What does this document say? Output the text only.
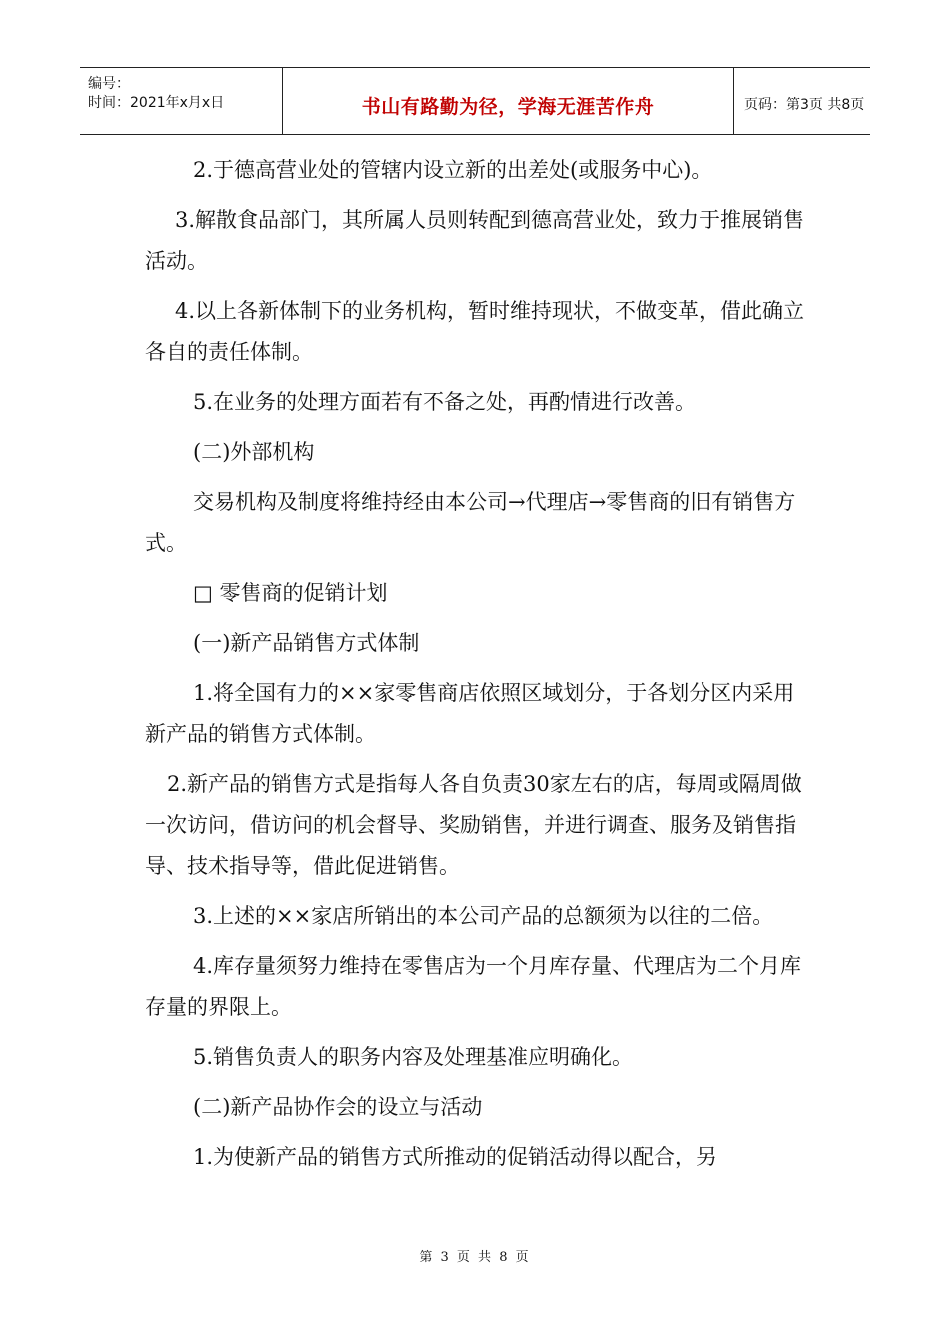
编号：
时间：2021年x月x日	书山有路勤为径，学海无涯苦作舟	页码：第3页 共8页

2.于德高营业处的管辖内设立新的出差处(或服务中心)。

3.解散食品部门，其所属人员则转配到德高营业处，致力于推展销售活动。

4.以上各新体制下的业务机构，暂时维持现状，不做变革，借此确立各自的责任体制。

5.在业务的处理方面若有不备之处，再酌情进行改善。

(二)外部机构

交易机构及制度将维持经由本公司→代理店→零售商的旧有销售方式。

□ 零售商的促销计划

(一)新产品销售方式体制

1.将全国有力的××家零售商店依照区域划分，于各划分区内采用新产品的销售方式体制。

2.新产品的销售方式是指每人各自负责30家左右的店，每周或隔周做一次访问，借访问的机会督导、奖励销售，并进行调查、服务及销售指导、技术指导等，借此促进销售。

3.上述的××家店所销出的本公司产品的总额须为以往的二倍。

4.库存量须努力维持在零售店为一个月库存量、代理店为二个月库存量的界限上。

5.销售负责人的职务内容及处理基准应明确化。

(二)新产品协作会的设立与活动

1.为使新产品的销售方式所推动的促销活动得以配合，另

第 3 页 共 8 页
